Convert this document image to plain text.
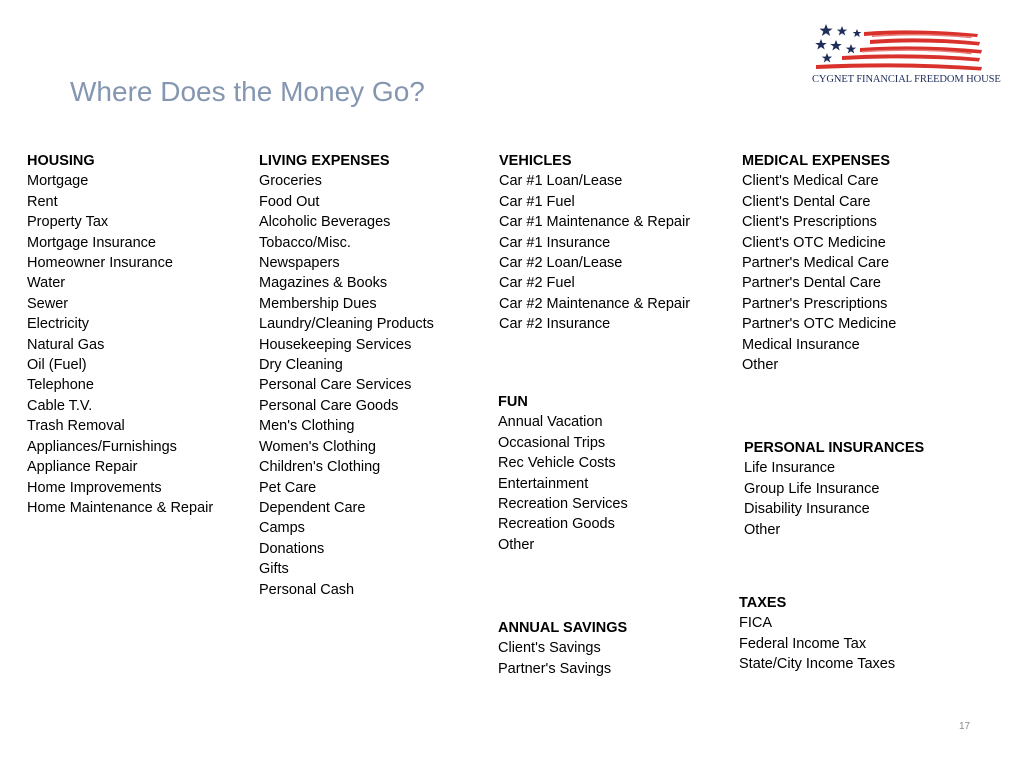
Where Does the Money Go?	CYGNET FINANCIAL FREEDOM HOUSE
HOUSING
Mortgage
Rent
Property Tax
Mortgage Insurance
Homeowner Insurance
Water
Sewer
Electricity
Natural Gas
Oil (Fuel)
Telephone
Cable T.V.
Trash Removal
Appliances/Furnishings
Appliance Repair
Home Improvements
Home Maintenance & Repair
LIVING EXPENSES
Groceries
Food Out
Alcoholic Beverages
Tobacco/Misc.
Newspapers
Magazines & Books
Membership Dues
Laundry/Cleaning Products
Housekeeping Services
Dry Cleaning
Personal Care Services
Personal Care Goods
Men's Clothing
Women's Clothing
Children's Clothing
Pet Care
Dependent Care
Camps
Donations
Gifts
Personal Cash
VEHICLES
Car #1 Loan/Lease
Car #1 Fuel
Car #1 Maintenance & Repair
Car #1 Insurance
Car #2 Loan/Lease
Car #2 Fuel
Car #2 Maintenance & Repair
Car #2 Insurance
MEDICAL EXPENSES
Client's Medical Care
Client's Dental Care
Client's Prescriptions
Client's OTC Medicine
Partner's Medical Care
Partner's Dental Care
Partner's Prescriptions
Partner's OTC Medicine
Medical Insurance
Other
FUN
Annual Vacation
Occasional Trips
Rec Vehicle Costs
Entertainment
Recreation Services
Recreation Goods
Other
PERSONAL INSURANCES
Life Insurance
Group Life Insurance
Disability Insurance
Other
ANNUAL SAVINGS
Client's Savings
Partner's Savings
TAXES
FICA
Federal Income Tax
State/City Income Taxes
17
